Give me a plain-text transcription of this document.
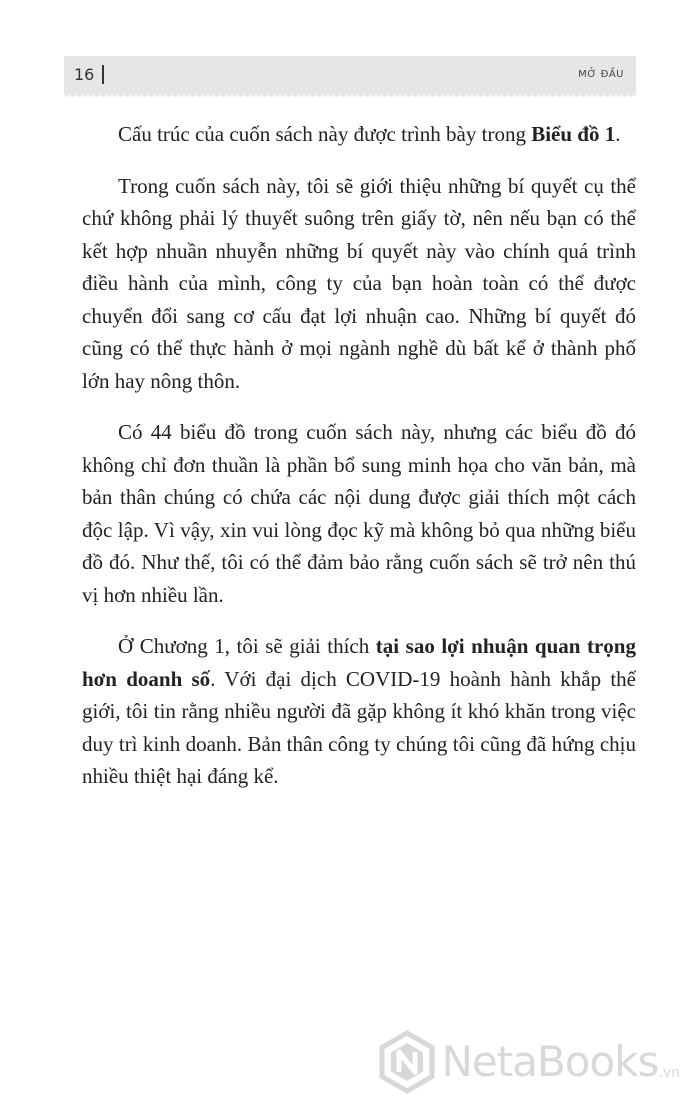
16	MỞ ĐẦU

Cấu trúc của cuốn sách này được trình bày trong Biểu đồ 1.

Trong cuốn sách này, tôi sẽ giới thiệu những bí quyết cụ thể chứ không phải lý thuyết suông trên giấy tờ, nên nếu bạn có thể kết hợp nhuần nhuyễn những bí quyết này vào chính quá trình điều hành của mình, công ty của bạn hoàn toàn có thể được chuyển đổi sang cơ cấu đạt lợi nhuận cao. Những bí quyết đó cũng có thể thực hành ở mọi ngành nghề dù bất kể ở thành phố lớn hay nông thôn.

Có 44 biểu đồ trong cuốn sách này, nhưng các biểu đồ đó không chỉ đơn thuần là phần bổ sung minh họa cho văn bản, mà bản thân chúng có chứa các nội dung được giải thích một cách độc lập. Vì vậy, xin vui lòng đọc kỹ mà không bỏ qua những biểu đồ đó. Như thế, tôi có thể đảm bảo rằng cuốn sách sẽ trở nên thú vị hơn nhiều lần.

Ở Chương 1, tôi sẽ giải thích tại sao lợi nhuận quan trọng hơn doanh số. Với đại dịch COVID-19 hoành hành khắp thế giới, tôi tin rằng nhiều người đã gặp không ít khó khăn trong việc duy trì kinh doanh. Bản thân công ty chúng tôi cũng đã hứng chịu nhiều thiệt hại đáng kể.

NetaBooks .vn
